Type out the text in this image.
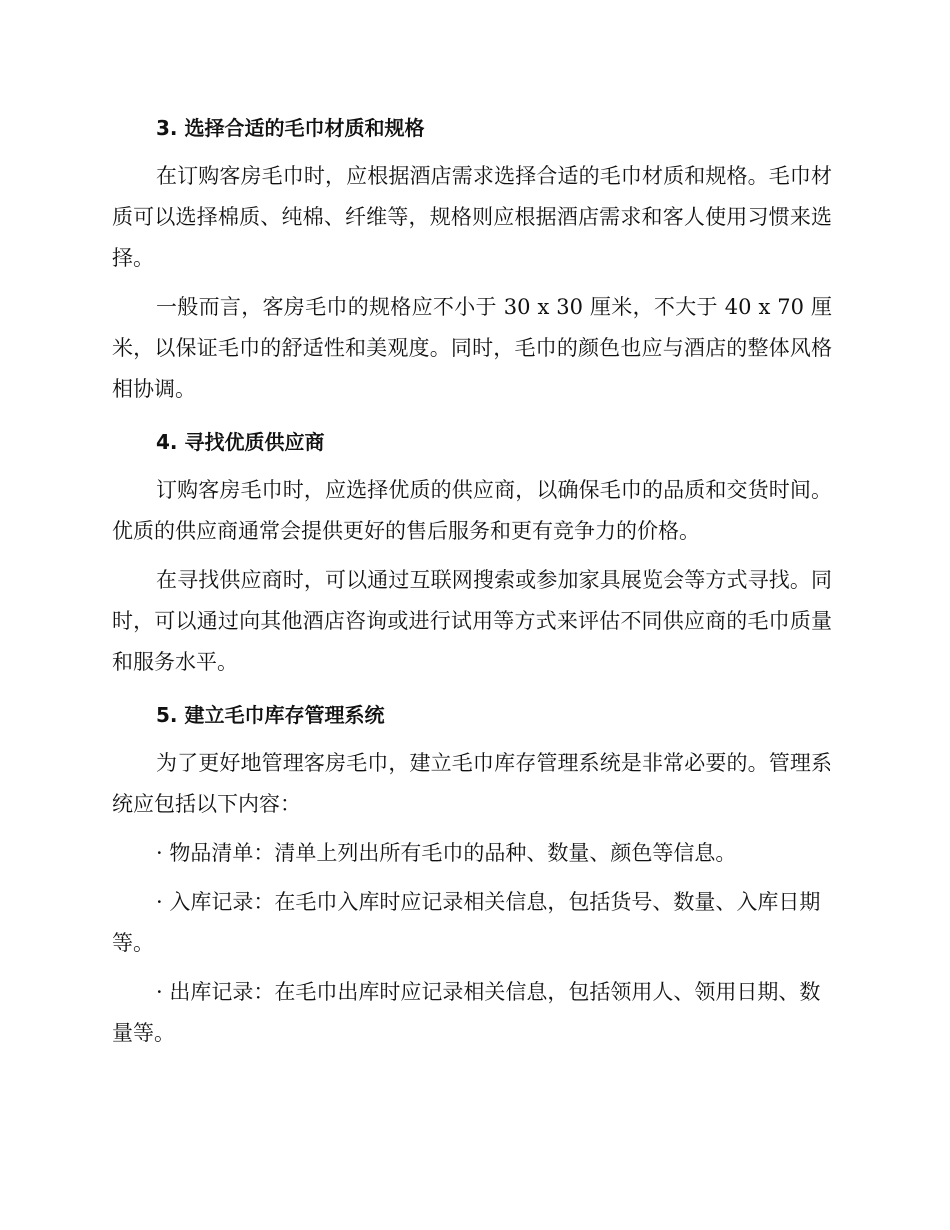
3. 选择合适的毛巾材质和规格

在订购客房毛巾时，应根据酒店需求选择合适的毛巾材质和规格。毛巾材质可以选择棉质、纯棉、纤维等，规格则应根据酒店需求和客人使用习惯来选择。

一般而言，客房毛巾的规格应不小于 30 x 30 厘米，不大于 40 x 70 厘米，以保证毛巾的舒适性和美观度。同时，毛巾的颜色也应与酒店的整体风格相协调。

4. 寻找优质供应商

订购客房毛巾时，应选择优质的供应商，以确保毛巾的品质和交货时间。优质的供应商通常会提供更好的售后服务和更有竞争力的价格。

在寻找供应商时，可以通过互联网搜索或参加家具展览会等方式寻找。同时，可以通过向其他酒店咨询或进行试用等方式来评估不同供应商的毛巾质量和服务水平。

5. 建立毛巾库存管理系统

为了更好地管理客房毛巾，建立毛巾库存管理系统是非常必要的。管理系统应包括以下内容：

· 物品清单：清单上列出所有毛巾的品种、数量、颜色等信息。

· 入库记录：在毛巾入库时应记录相关信息，包括货号、数量、入库日期等。

· 出库记录：在毛巾出库时应记录相关信息，包括领用人、领用日期、数量等。
